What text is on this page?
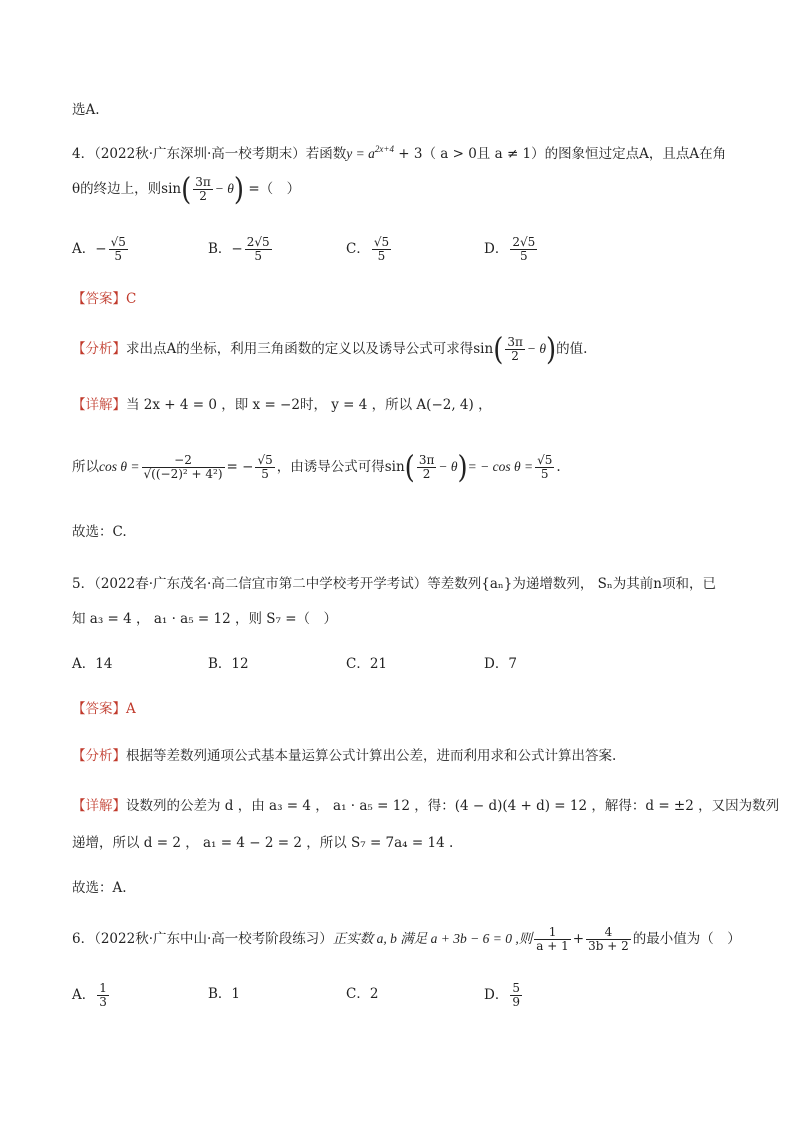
选A.
4．（2022秋·广东深圳·高一校考期末）若函数$y = a^{2x+4} + 3$（ a > 0且 a ≠ 1）的图象恒过定点A，且点A在角
θ的终边上，则$\sin( \frac{3\pi}{2} - \theta)$ =（　）
A．− $\frac{√5}{5}$	B．− $\frac{2√5}{5}$	C． $\frac{√5}{5}$	D． $\frac{2√5}{5}$
【答案】C
【分析】求出点A的坐标，利用三角函数的定义以及诱导公式可求得$\sin( \frac{3\pi}{2} - \theta)$的值.
【详解】当 2x + 4 = 0 ，即 x = −2时， y = 4 ，所以 A(−2, 4) ，
所以$\cos \theta = \frac{-2}{\text{√((−2)² + 4²)}}$ = − $\frac{√5}{5}$ ，由诱导公式可得$\sin( \frac{3\pi}{2} - \theta)= - \cos \theta = \frac{√5}{5}$ .
故选：C.
5．（2022春·广东茂名·高二信宜市第二中学校考开学考试）等差数列{aₙ}为递增数列， Sₙ为其前n项和，已
知 a₃ = 4 ， a₁ · a₅ = 12 ，则 S₇ =（　）
A．14	B．12	C．21	D．7
【答案】A
【分析】根据等差数列通项公式基本量运算公式计算出公差，进而利用求和公式计算出答案.
【详解】设数列的公差为 d ，由 a₃ = 4 ， a₁ · a₅ = 12 ，得：(4 − d)(4 + d) = 12 ，解得：d = ±2 ，又因为数列
递增，所以 d = 2 ， a₁ = 4 − 2 = 2 ，所以 S₇ = 7a₄ = 14 .
故选：A.
6．（2022秋·广东中山·高一校考阶段练习）正实数 a, b 满足 a + 3b − 6 = 0 ,则 $\frac{1}{a + 1} + \frac{4}{3b + 2}$ 的最小值为（　）
A． $\frac{1}{3}$	B．1	C．2	D． $\frac{5}{9}$
